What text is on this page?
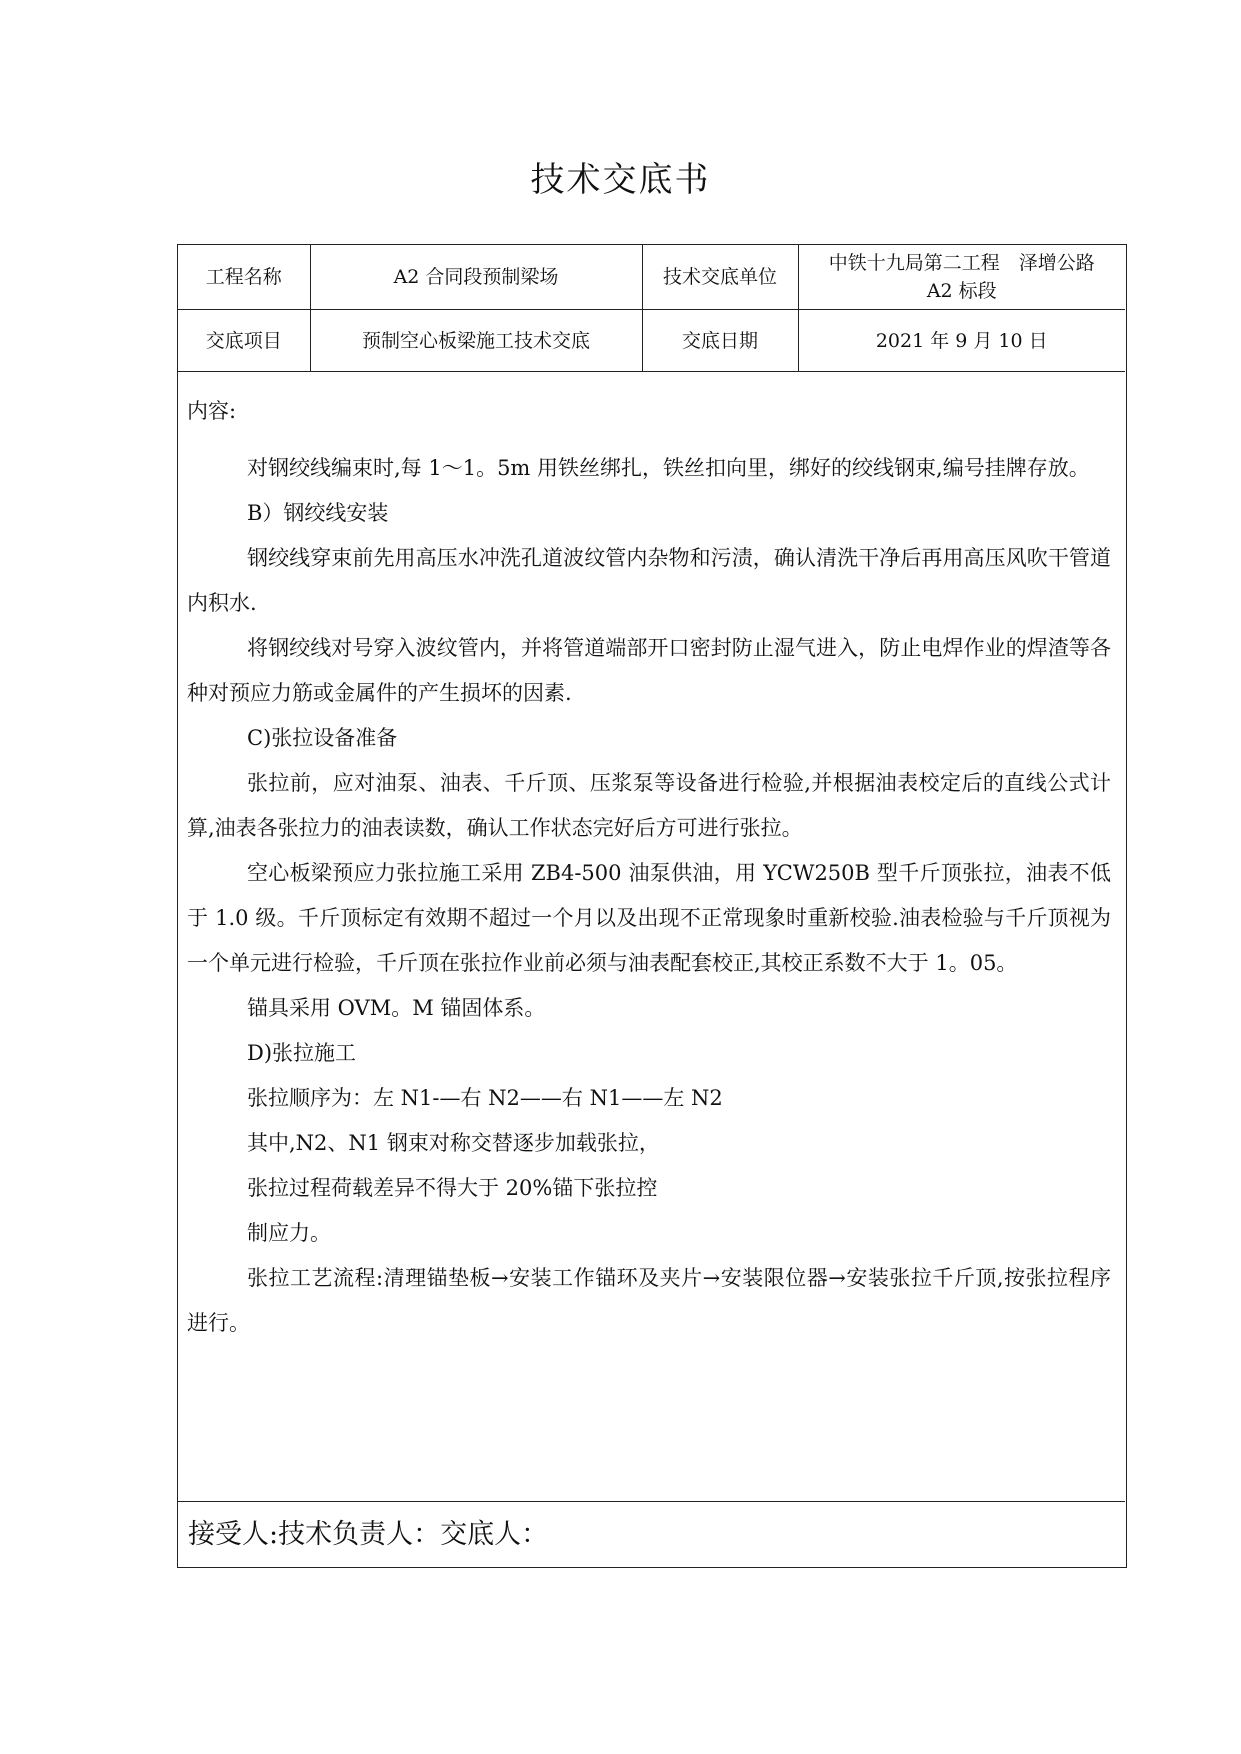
技术交底书
工程名称	A2 合同段预制梁场	技术交底单位	中铁十九局第二工程　泽增公路
A2 标段

交底项目	预制空心板梁施工技术交底	交底日期	2021 年 9 月 10 日

内容:

对钢绞线编束时,每 1～1。5m 用铁丝绑扎，铁丝扣向里，绑好的绞线钢束,编号挂牌存放。

B）钢绞线安装

钢绞线穿束前先用高压水冲洗孔道波纹管内杂物和污渍，确认清洗干净后再用高压风吹干管道内积水.

将钢绞线对号穿入波纹管内，并将管道端部开口密封防止湿气进入，防止电焊作业的焊渣等各种对预应力筋或金属件的产生损坏的因素.

C)张拉设备准备

张拉前，应对油泵、油表、千斤顶、压浆泵等设备进行检验,并根据油表校定后的直线公式计算,油表各张拉力的油表读数，确认工作状态完好后方可进行张拉。

空心板梁预应力张拉施工采用 ZB4-500 油泵供油，用 YCW250B 型千斤顶张拉，油表不低于 1.0 级。千斤顶标定有效期不超过一个月以及出现不正常现象时重新校验.油表检验与千斤顶视为一个单元进行检验，千斤顶在张拉作业前必须与油表配套校正,其校正系数不大于 1。05。

锚具采用 OVM。M 锚固体系。

D)张拉施工

张拉顺序为：左 N1-—右 N2——右 N1——左 N2

其中,N2、N1 钢束对称交替逐步加载张拉，

张拉过程荷载差异不得大于 20%锚下张拉控

制应力。

张拉工艺流程:清理锚垫板→安装工作锚环及夹片→安装限位器→安装张拉千斤顶,按张拉程序进行。

接受人:技术负责人：交底人：
